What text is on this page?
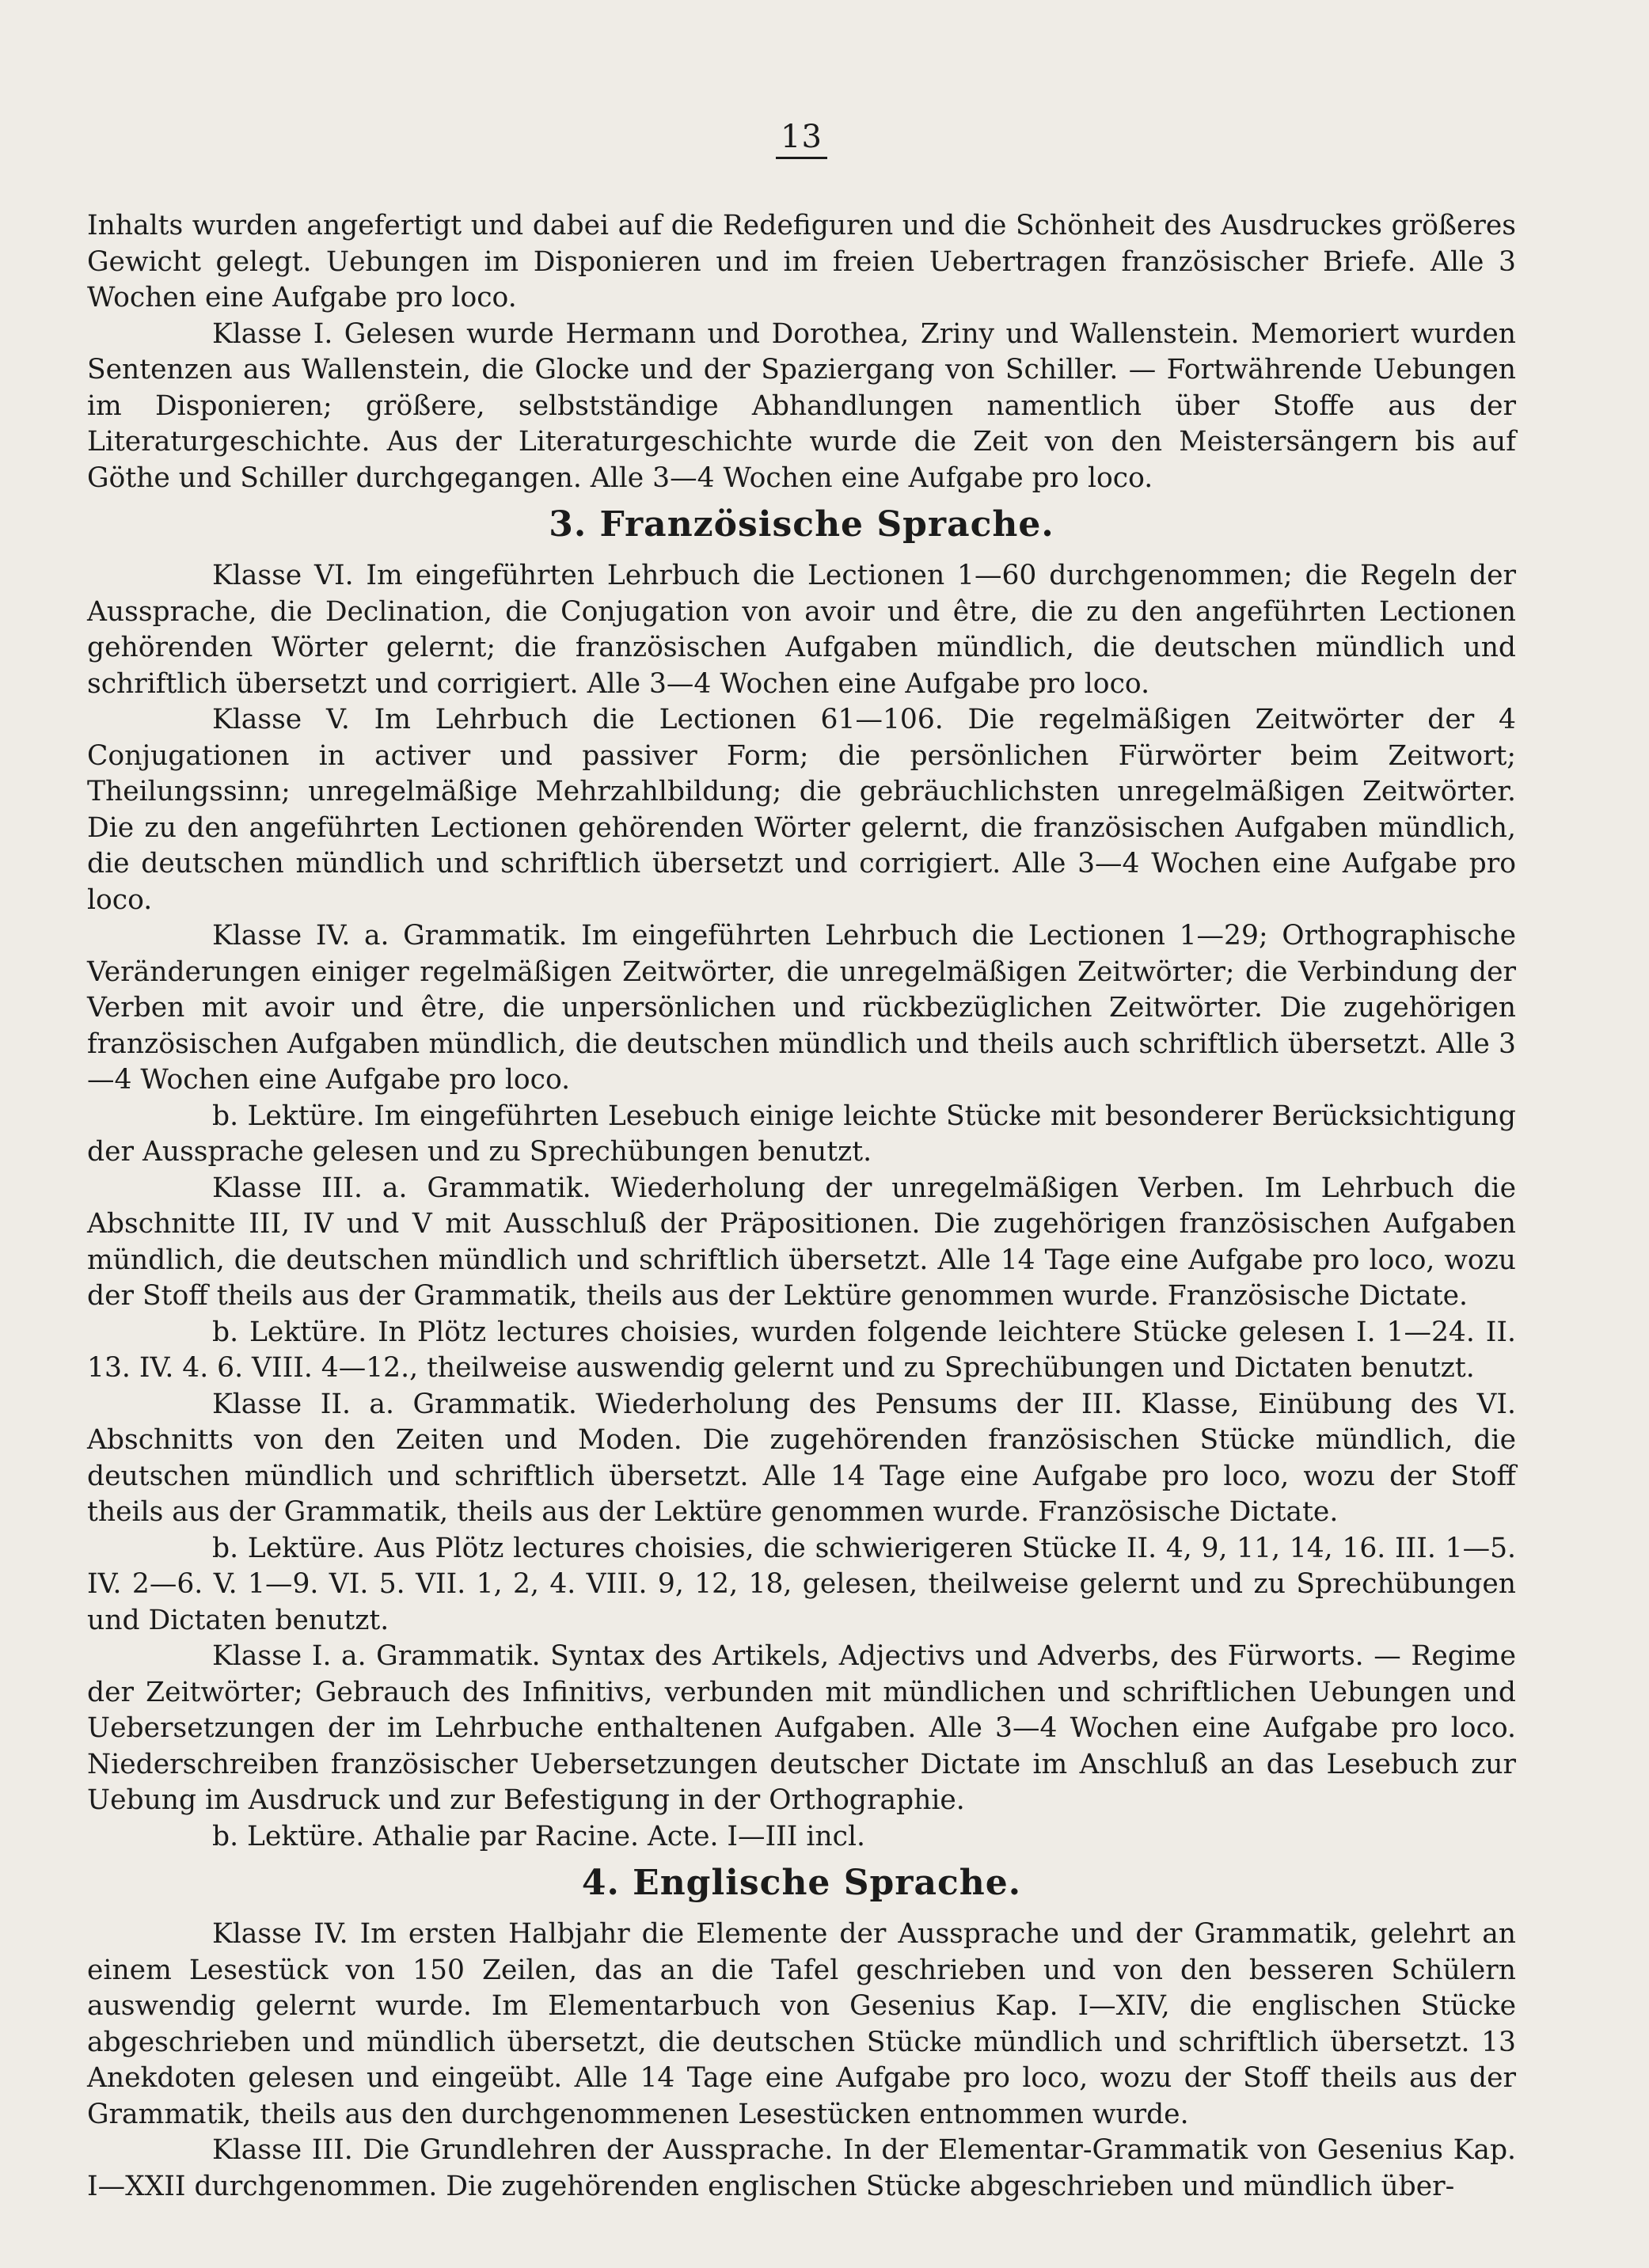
13

Inhalts wurden angefertigt und dabei auf die Redefiguren und die Schönheit des Ausdruckes größeres Gewicht gelegt. Uebungen im Disponieren und im freien Uebertragen französischer Briefe. Alle 3 Wochen eine Aufgabe pro loco.

Klasse I. Gelesen wurde Hermann und Dorothea, Zriny und Wallenstein. Memoriert wurden Sentenzen aus Wallenstein, die Glocke und der Spaziergang von Schiller. — Fortwährende Uebungen im Disponieren; größere, selbstständige Abhandlungen namentlich über Stoffe aus der Literaturgeschichte. Aus der Literaturgeschichte wurde die Zeit von den Meistersängern bis auf Göthe und Schiller durchgegangen. Alle 3—4 Wochen eine Aufgabe pro loco.

3. Französische Sprache.

Klasse VI. Im eingeführten Lehrbuch die Lectionen 1—60 durchgenommen; die Regeln der Aussprache, die Declination, die Conjugation von avoir und être, die zu den angeführten Lectionen gehörenden Wörter gelernt; die französischen Aufgaben mündlich, die deutschen mündlich und schriftlich übersetzt und corrigiert. Alle 3—4 Wochen eine Aufgabe pro loco.

Klasse V. Im Lehrbuch die Lectionen 61—106. Die regelmäßigen Zeitwörter der 4 Conjugationen in activer und passiver Form; die persönlichen Fürwörter beim Zeitwort; Theilungssinn; unregelmäßige Mehrzahlbildung; die gebräuchlichsten unregelmäßigen Zeitwörter. Die zu den angeführten Lectionen gehörenden Wörter gelernt, die französischen Aufgaben mündlich, die deutschen mündlich und schriftlich übersetzt und corrigiert. Alle 3—4 Wochen eine Aufgabe pro loco.

Klasse IV. a. Grammatik. Im eingeführten Lehrbuch die Lectionen 1—29; Orthographische Veränderungen einiger regelmäßigen Zeitwörter, die unregelmäßigen Zeitwörter; die Verbindung der Verben mit avoir und être, die unpersönlichen und rückbezüglichen Zeitwörter. Die zugehörigen französischen Aufgaben mündlich, die deutschen mündlich und theils auch schriftlich übersetzt. Alle 3—4 Wochen eine Aufgabe pro loco.

b. Lektüre. Im eingeführten Lesebuch einige leichte Stücke mit besonderer Berücksichtigung der Aussprache gelesen und zu Sprechübungen benutzt.

Klasse III. a. Grammatik. Wiederholung der unregelmäßigen Verben. Im Lehrbuch die Abschnitte III, IV und V mit Ausschluß der Präpositionen. Die zugehörigen französischen Aufgaben mündlich, die deutschen mündlich und schriftlich übersetzt. Alle 14 Tage eine Aufgabe pro loco, wozu der Stoff theils aus der Grammatik, theils aus der Lektüre genommen wurde. Französische Dictate.

b. Lektüre. In Plötz lectures choisies, wurden folgende leichtere Stücke gelesen I. 1—24. II. 13. IV. 4. 6. VIII. 4—12., theilweise auswendig gelernt und zu Sprechübungen und Dictaten benutzt.

Klasse II. a. Grammatik. Wiederholung des Pensums der III. Klasse, Einübung des VI. Abschnitts von den Zeiten und Moden. Die zugehörenden französischen Stücke mündlich, die deutschen mündlich und schriftlich übersetzt. Alle 14 Tage eine Aufgabe pro loco, wozu der Stoff theils aus der Grammatik, theils aus der Lektüre genommen wurde. Französische Dictate.

b. Lektüre. Aus Plötz lectures choisies, die schwierigeren Stücke II. 4, 9, 11, 14, 16. III. 1—5. IV. 2—6. V. 1—9. VI. 5. VII. 1, 2, 4. VIII. 9, 12, 18, gelesen, theilweise gelernt und zu Sprechübungen und Dictaten benutzt.

Klasse I. a. Grammatik. Syntax des Artikels, Adjectivs und Adverbs, des Fürworts. — Regime der Zeitwörter; Gebrauch des Infinitivs, verbunden mit mündlichen und schriftlichen Uebungen und Uebersetzungen der im Lehrbuche enthaltenen Aufgaben. Alle 3—4 Wochen eine Aufgabe pro loco. Niederschreiben französischer Uebersetzungen deutscher Dictate im Anschluß an das Lesebuch zur Uebung im Ausdruck und zur Befestigung in der Orthographie.

b. Lektüre. Athalie par Racine. Acte. I—III incl.

4. Englische Sprache.

Klasse IV. Im ersten Halbjahr die Elemente der Aussprache und der Grammatik, gelehrt an einem Lesestück von 150 Zeilen, das an die Tafel geschrieben und von den besseren Schülern auswendig gelernt wurde. Im Elementarbuch von Gesenius Kap. I—XIV, die englischen Stücke abgeschrieben und mündlich übersetzt, die deutschen Stücke mündlich und schriftlich übersetzt. 13 Anekdoten gelesen und eingeübt. Alle 14 Tage eine Aufgabe pro loco, wozu der Stoff theils aus der Grammatik, theils aus den durchgenommenen Lesestücken entnommen wurde.

Klasse III. Die Grundlehren der Aussprache. In der Elementar-Grammatik von Gesenius Kap. I—XXII durchgenommen. Die zugehörenden englischen Stücke abgeschrieben und mündlich über-
